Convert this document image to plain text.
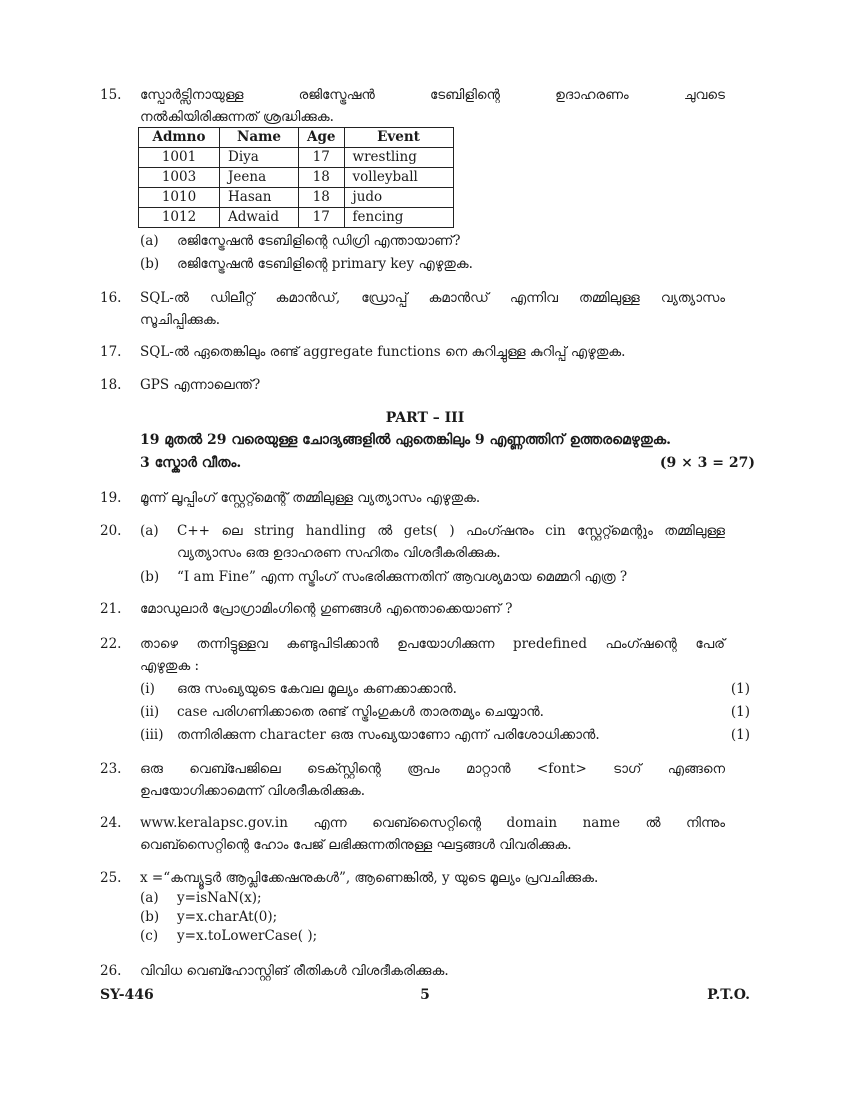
15.	സ്പോർട്സിനായുള്ള രജിസ്ട്രേഷൻ ടേബിളിന്റെ ഉദാഹരണം ചുവടെ
നൽകിയിരിക്കുന്നത് ശ്രദ്ധിക്കുക.
Admno	Name	Age	Event
1001	Diya	17	wrestling
1003	Jeena	18	volleyball
1010	Hasan	18	judo
1012	Adwaid	17	fencing
(a)	രജിസ്ട്രേഷൻ ടേബിളിന്റെ ഡിഗ്രി എന്തായാണ്?
(b)	രജിസ്ട്രേഷൻ ടേബിളിന്റെ primary key എഴുതുക.
16.	SQL-ൽ ഡിലീറ്റ് കമാൻഡ്, ഡ്രോപ്പ് കമാൻഡ് എന്നിവ തമ്മിലുള്ള വ്യത്യാസം
സൂചിപ്പിക്കുക.
17.	SQL-ൽ ഏതെങ്കിലും രണ്ട് aggregate functions നെ കുറിച്ചുള്ള കുറിപ്പ് എഴുതുക.
18.	GPS എന്നാലെന്ത്?
PART – III
19 മുതൽ 29 വരെയുള്ള ചോദ്യങ്ങളിൽ ഏതെങ്കിലും 9 എണ്ണത്തിന് ഉത്തരമെഴുതുക.
3 സ്കോർ വീതം.	(9 × 3 = 27)
19.	മൂന്ന് ലൂപ്പിംഗ് സ്റ്റേറ്റ്മെന്റ് തമ്മിലുള്ള വ്യത്യാസം എഴുതുക.
20.	(a) C++ ലെ string handling ൽ gets( ) ഫംഗ്ഷനും cin സ്റ്റേറ്റ്മെന്റും തമ്മിലുള്ള
വ്യത്യാസം ഒരു ഉദാഹരണ സഹിതം വിശദീകരിക്കുക.
(b) “I am Fine” എന്ന സ്ട്രിംഗ് സംഭരിക്കുന്നതിന് ആവശ്യമായ മെമ്മറി എത്ര ?
21.	മോഡുലാർ പ്രോഗ്രാമിംഗിന്റെ ഗുണങ്ങൾ എന്തൊക്കെയാണ് ?
22.	താഴെ തന്നിട്ടുള്ളവ കണ്ടുപിടിക്കാൻ ഉപയോഗിക്കുന്ന predefined ഫംഗ്ഷന്റെ പേര്
എഴുതുക :
(i)	ഒരു സംഖ്യയുടെ കേവല മൂല്യം കണക്കാക്കാൻ.	(1)
(ii)	case പരിഗണിക്കാതെ രണ്ട് സ്ട്രിംഗുകൾ താരതമ്യം ചെയ്യാൻ.	(1)
(iii)	തന്നിരിക്കുന്ന character ഒരു സംഖ്യയാണോ എന്ന് പരിശോധിക്കാൻ.	(1)
23.	ഒരു വെബ്പേജിലെ ടെക്സ്റ്റിന്റെ രൂപം മാറ്റാൻ <font> ടാഗ് എങ്ങനെ
ഉപയോഗിക്കാമെന്ന് വിശദീകരിക്കുക.
24.	www.keralapsc.gov.in എന്ന വെബ്സൈറ്റിന്റെ domain name ൽ നിന്നും
വെബ്സൈറ്റിന്റെ ഹോം പേജ് ലഭിക്കുന്നതിനുള്ള ഘട്ടങ്ങൾ വിവരിക്കുക.
25.	x =“കമ്പ്യൂട്ടർ ആപ്ലിക്കേഷനുകൾ”, ആണെങ്കിൽ, y യുടെ മൂല്യം പ്രവചിക്കുക.
(a)	y=isNaN(x);
(b)	y=x.charAt(0);
(c)	y=x.toLowerCase( );
26.	വിവിധ വെബ്ഹോസ്റ്റിങ് രീതികൾ വിശദീകരിക്കുക.
SY-446	5	P.T.O.
